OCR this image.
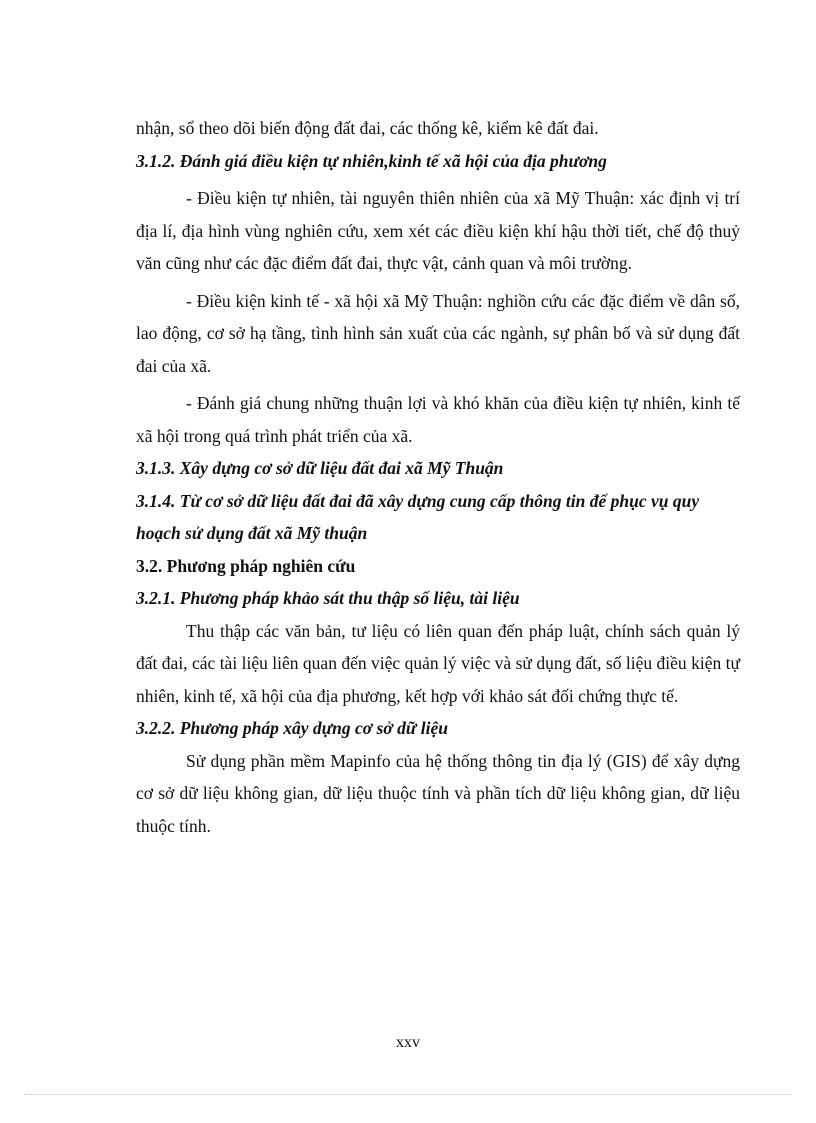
nhận, sổ theo dõi biến động đất đai, các thống kê, kiểm kê đất đai.

3.1.2. Đánh giá điều kiện tự nhiên,kinh tế xã hội của địa phương

- Điều kiện tự nhiên, tài nguyên thiên nhiên của xã Mỹ Thuận: xác định vị trí địa lí, địa hình vùng nghiên cứu, xem xét các điều kiện khí hậu thời tiết, chế độ thuỷ văn cũng như các đặc điểm đất đai, thực vật, cảnh quan và môi trường.

- Điều kiện kinh tế - xã hội xã Mỹ Thuận: nghiồn cứu các đặc điểm về dân số, lao động, cơ sở hạ tầng, tình hình sản xuất của các ngành, sự phân bố và sử dụng đất đai của xã.

- Đánh giá chung những thuận lợi và khó khăn của điều kiện tự nhiên, kinh tế xã hội trong quá trình phát triển của xã.

3.1.3. Xây dựng cơ sở dữ liệu đất đai xã Mỹ Thuận

3.1.4. Từ cơ sở dữ liệu đất đai đã xây dựng cung cấp thông tin để phục vụ quy hoạch sử dụng đất xã Mỹ thuận

3.2. Phương pháp nghiên cứu

3.2.1. Phương pháp khảo sát thu thập số liệu, tài liệu

Thu thập các văn bản, tư liệu có liên quan đến pháp luật, chính sách quản lý đất đai, các tài liệu liên quan đến việc quản lý việc và sử dụng đất, số liệu điều kiện tự nhiên, kinh tế, xã hội của địa phương, kết hợp với khảo sát đối chứng thực tế.

3.2.2. Phương pháp xây dựng cơ sở dữ liệu

Sử dụng phần mềm Mapinfo của hệ thống thông tin địa lý (GIS) để xây dựng cơ sở dữ liệu không gian, dữ liệu thuộc tính và phần tích dữ liệu không gian, dữ liệu thuộc tính.

xxv
